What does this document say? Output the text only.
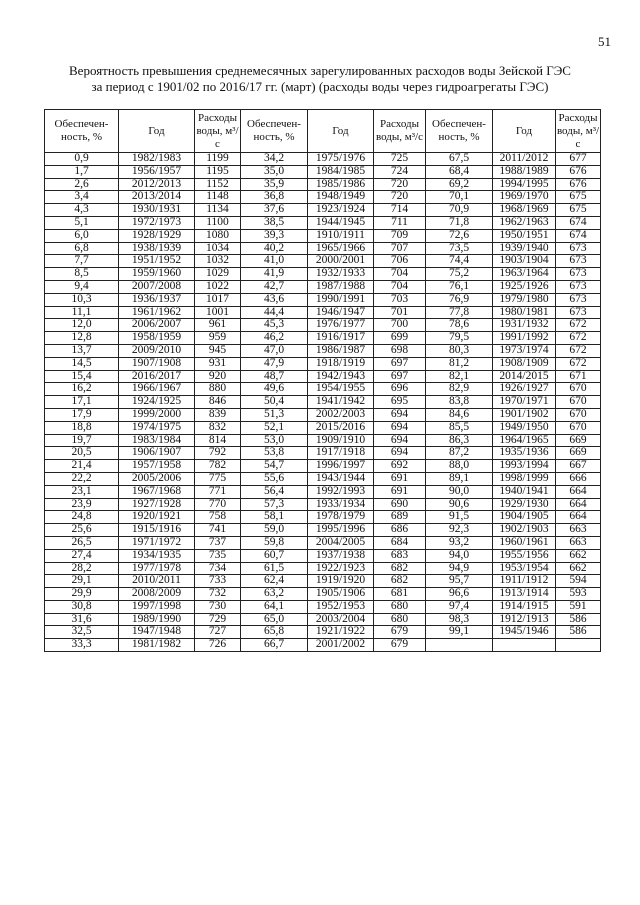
51
Вероятность превышения среднемесячных зарегулированных расходов воды Зейской ГЭС
за период с 1901/02 по 2016/17 гг. (март) (расходы воды через гидроагрегаты ГЭС)
Обеспечен-ность, %	Год	Расходы воды, м³/с	Обеспечен-ность, %	Год	Расходы воды, м³/с	Обеспечен-ность, %	Год	Расходы воды, м³/с
0,9	1982/1983	1199	34,2	1975/1976	725	67,5	2011/2012	677
1,7	1956/1957	1195	35,0	1984/1985	724	68,4	1988/1989	676
2,6	2012/2013	1152	35,9	1985/1986	720	69,2	1994/1995	676
3,4	2013/2014	1148	36,8	1948/1949	720	70,1	1969/1970	675
4,3	1930/1931	1134	37,6	1923/1924	714	70,9	1968/1969	675
5,1	1972/1973	1100	38,5	1944/1945	711	71,8	1962/1963	674
6,0	1928/1929	1080	39,3	1910/1911	709	72,6	1950/1951	674
6,8	1938/1939	1034	40,2	1965/1966	707	73,5	1939/1940	673
7,7	1951/1952	1032	41,0	2000/2001	706	74,4	1903/1904	673
8,5	1959/1960	1029	41,9	1932/1933	704	75,2	1963/1964	673
9,4	2007/2008	1022	42,7	1987/1988	704	76,1	1925/1926	673
10,3	1936/1937	1017	43,6	1990/1991	703	76,9	1979/1980	673
11,1	1961/1962	1001	44,4	1946/1947	701	77,8	1980/1981	673
12,0	2006/2007	961	45,3	1976/1977	700	78,6	1931/1932	672
12,8	1958/1959	959	46,2	1916/1917	699	79,5	1991/1992	672
13,7	2009/2010	945	47,0	1986/1987	698	80,3	1973/1974	672
14,5	1907/1908	931	47,9	1918/1919	697	81,2	1908/1909	672
15,4	2016/2017	920	48,7	1942/1943	697	82,1	2014/2015	671
16,2	1966/1967	880	49,6	1954/1955	696	82,9	1926/1927	670
17,1	1924/1925	846	50,4	1941/1942	695	83,8	1970/1971	670
17,9	1999/2000	839	51,3	2002/2003	694	84,6	1901/1902	670
18,8	1974/1975	832	52,1	2015/2016	694	85,5	1949/1950	670
19,7	1983/1984	814	53,0	1909/1910	694	86,3	1964/1965	669
20,5	1906/1907	792	53,8	1917/1918	694	87,2	1935/1936	669
21,4	1957/1958	782	54,7	1996/1997	692	88,0	1993/1994	667
22,2	2005/2006	775	55,6	1943/1944	691	89,1	1998/1999	666
23,1	1967/1968	771	56,4	1992/1993	691	90,0	1940/1941	664
23,9	1927/1928	770	57,3	1933/1934	690	90,6	1929/1930	664
24,8	1920/1921	758	58,1	1978/1979	689	91,5	1904/1905	664
25,6	1915/1916	741	59,0	1995/1996	686	92,3	1902/1903	663
26,5	1971/1972	737	59,8	2004/2005	684	93,2	1960/1961	663
27,4	1934/1935	735	60,7	1937/1938	683	94,0	1955/1956	662
28,2	1977/1978	734	61,5	1922/1923	682	94,9	1953/1954	662
29,1	2010/2011	733	62,4	1919/1920	682	95,7	1911/1912	594
29,9	2008/2009	732	63,2	1905/1906	681	96,6	1913/1914	593
30,8	1997/1998	730	64,1	1952/1953	680	97,4	1914/1915	591
31,6	1989/1990	729	65,0	2003/2004	680	98,3	1912/1913	586
32,5	1947/1948	727	65,8	1921/1922	679	99,1	1945/1946	586
33,3	1981/1982	726	66,7	2001/2002	679			
